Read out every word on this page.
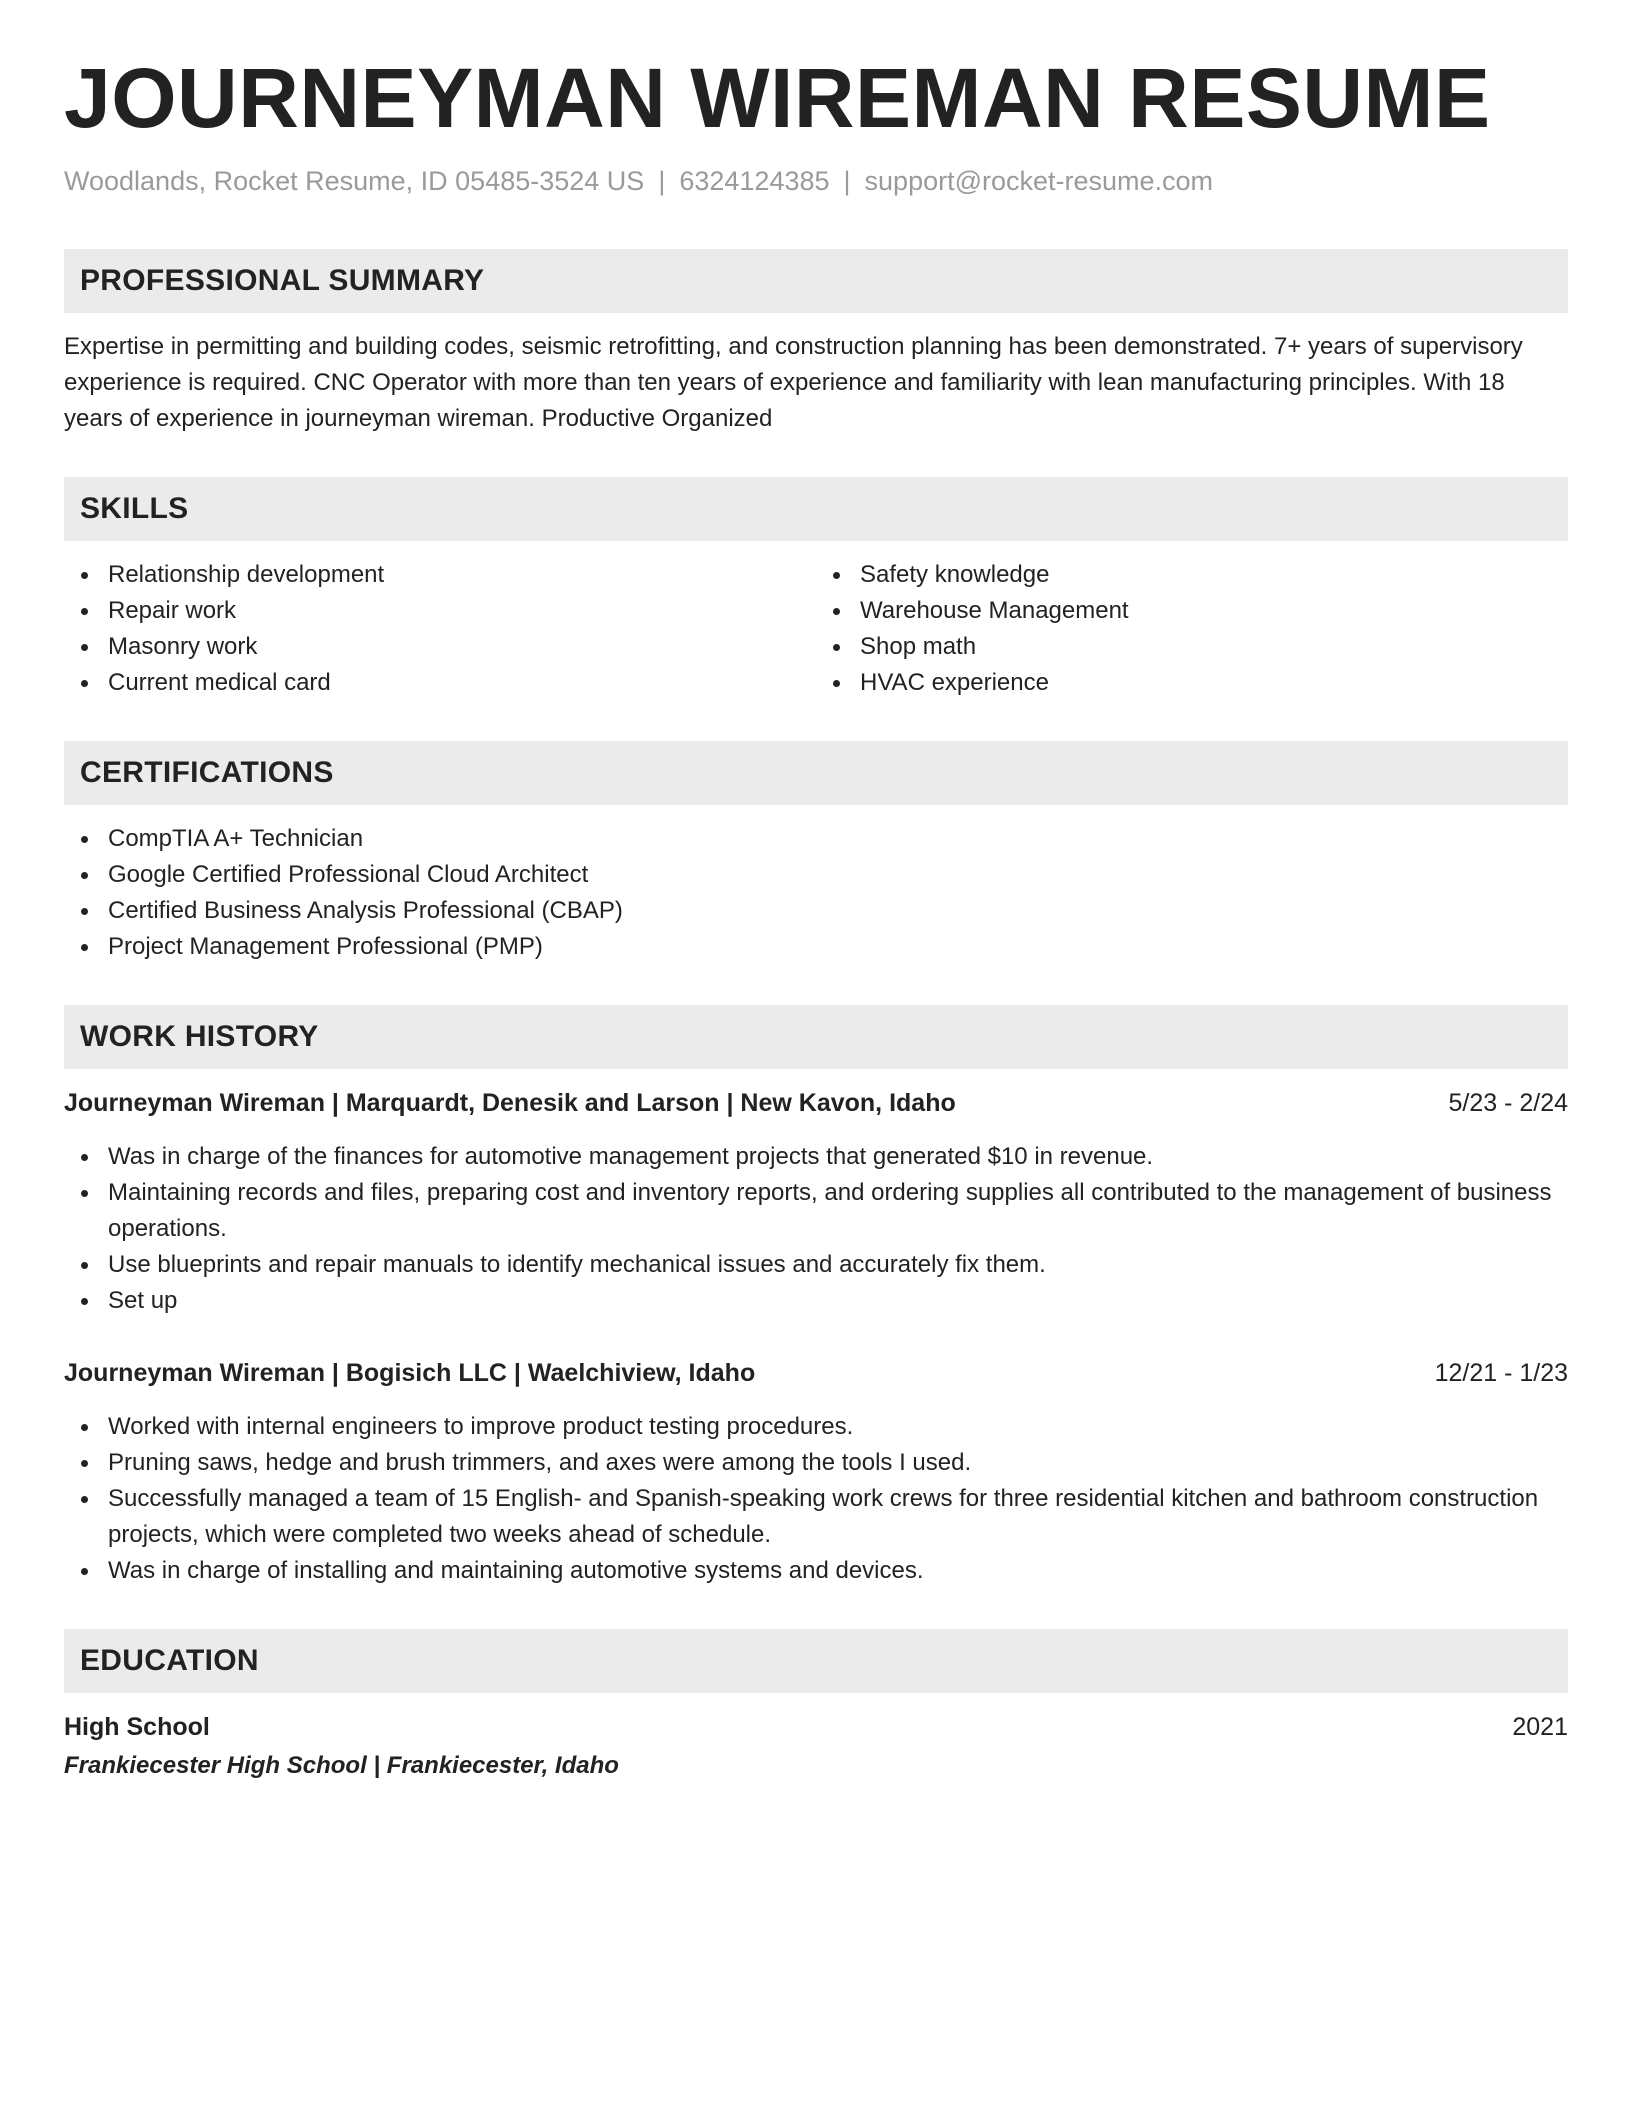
JOURNEYMAN WIREMAN RESUME
Woodlands, Rocket Resume, ID 05485-3524 US | 6324124385 | support@rocket-resume.com
PROFESSIONAL SUMMARY

Expertise in permitting and building codes, seismic retrofitting, and construction planning has been demonstrated. 7+ years of supervisory experience is required. CNC Operator with more than ten years of experience and familiarity with lean manufacturing principles. With 18 years of experience in journeyman wireman. Productive Organized

SKILLS
Relationship development
Repair work
Masonry work
Current medical card
Safety knowledge
Warehouse Management
Shop math
HVAC experience
CERTIFICATIONS
CompTIA A+ Technician
Google Certified Professional Cloud Architect
Certified Business Analysis Professional (CBAP)
Project Management Professional (PMP)
WORK HISTORY
Journeyman Wireman | Marquardt, Denesik and Larson | New Kavon, Idaho	5/23 - 2/24
Was in charge of the finances for automotive management projects that generated $10 in revenue.
Maintaining records and files, preparing cost and inventory reports, and ordering supplies all contributed to the management of business operations.
Use blueprints and repair manuals to identify mechanical issues and accurately fix them.
Set up
Journeyman Wireman | Bogisich LLC | Waelchiview, Idaho	12/21 - 1/23
Worked with internal engineers to improve product testing procedures.
Pruning saws, hedge and brush trimmers, and axes were among the tools I used.
Successfully managed a team of 15 English- and Spanish-speaking work crews for three residential kitchen and bathroom construction projects, which were completed two weeks ahead of schedule.
Was in charge of installing and maintaining automotive systems and devices.
EDUCATION
High School	2021
Frankiecester High School | Frankiecester, Idaho
